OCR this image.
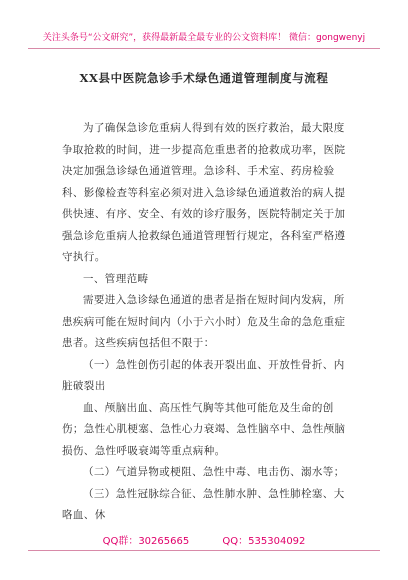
关注头条号“公文研究”，获得最新最全最专业的公文资料库！ 微信：gongwenyj
XX县中医院急诊手术绿色通道管理制度与流程

为了确保急诊危重病人得到有效的医疗救治，最大限度争取抢救的时间，进一步提高危重患者的抢救成功率，医院决定加强急诊绿色通道管理。急诊科、手术室、药房检验科、影像检查等科室必须对进入急诊绿色通道救治的病人提供快速、有序、安全、有效的诊疗服务，医院特制定关于加强急诊危重病人抢救绿色通道管理暂行规定，各科室严格遵守执行。

一、管理范畴

需要进入急诊绿色通道的患者是指在短时间内发病，所患疾病可能在短时间内（小于六小时）危及生命的急危重症患者。这些疾病包括但不限于：

（一）急性创伤引起的体表开裂出血、开放性骨折、内脏破裂出

血、颅脑出血、高压性气胸等其他可能危及生命的创伤；急性心肌梗塞、急性心力衰竭、急性脑卒中、急性颅脑损伤、急性呼吸衰竭等重点病种。

（二）气道异物或梗阻、急性中毒、电击伤、溺水等；

（三）急性冠脉综合征、急性肺水肿、急性肺栓塞、大咯血、休

QQ群：30265665	QQ：535304092
